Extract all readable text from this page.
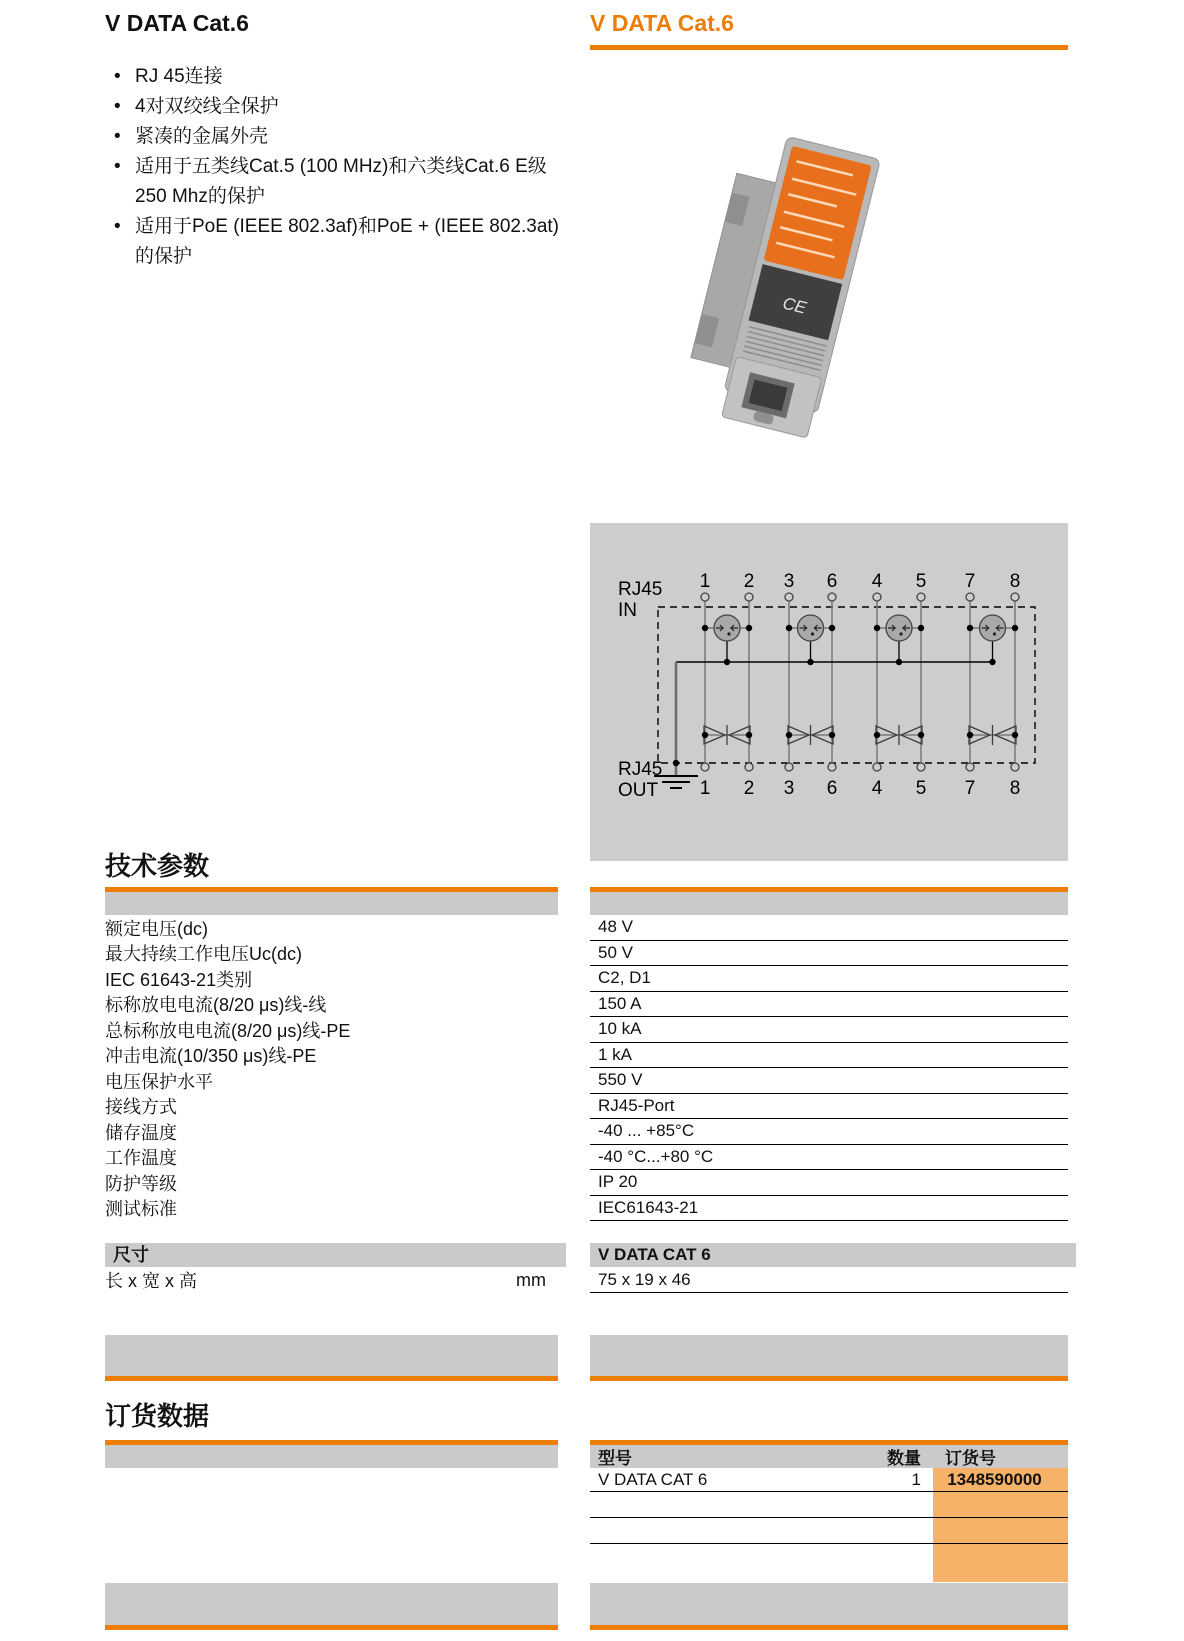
V DATA Cat.6	V DATA Cat.6
• RJ 45连接
• 4对双绞线全保护
• 紧凑的金属外壳
• 适用于五类线Cat.5 (100 MHz)和六类线Cat.6 E级250 Mhz的保护
• 适用于PoE (IEEE 802.3af)和PoE + (IEEE 802.3at) 的保护
CE
RJ45
IN
RJ45
OUT
1 2 3 6 4 5 7 8
1 2 3 6 4 5 7 8
技术参数
额定电压(dc)	48 V
最大持续工作电压Uc(dc)	50 V
IEC 61643-21类别	C2, D1
标称放电电流(8/20 μs)线-线	150 A
总标称放电电流(8/20 μs)线-PE	10 kA
冲击电流(10/350 μs)线-PE	1 kA
电压保护水平	550 V
接线方式	RJ45-Port
储存温度	-40 ... +85°C
工作温度	-40 °C...+80 °C
防护等级	IP 20
测试标准	IEC61643-21
尺寸	V DATA CAT 6
长 x 宽 x 高	mm	75 x 19 x 46
订货数据
型号	数量	订货号
V DATA CAT 6	1	1348590000
